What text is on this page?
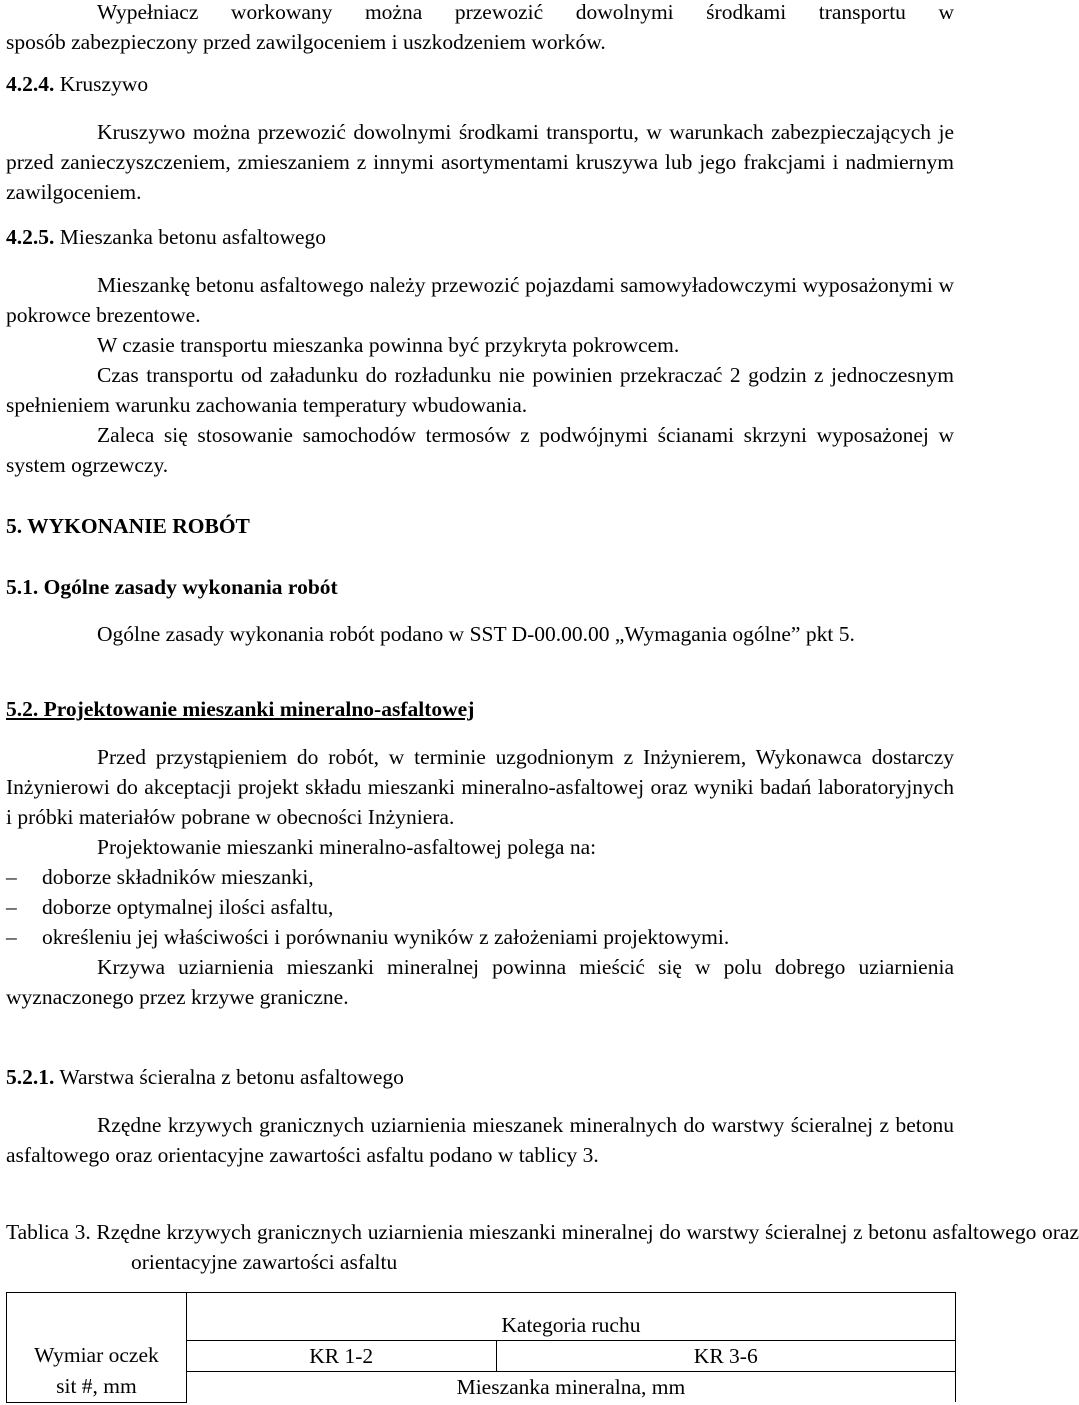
Wypełniacz workowany można przewozić dowolnymi środkami transportu w

sposób zabezpieczony przed zawilgoceniem i uszkodzeniem worków.

4.2.4. Kruszywo

Kruszywo można przewozić dowolnymi środkami transportu, w warunkach zabezpieczających je przed zanieczyszczeniem, zmieszaniem z innymi asortymentami kruszywa lub jego frakcjami i nadmiernym zawilgoceniem.

4.2.5. Mieszanka betonu asfaltowego

Mieszankę betonu asfaltowego należy przewozić pojazdami samowyładowczymi wyposażonymi w pokrowce brezentowe.

W czasie transportu mieszanka powinna być przykryta pokrowcem.

Czas transportu od załadunku do rozładunku nie powinien przekraczać 2 godzin z jednoczesnym spełnieniem warunku zachowania temperatury wbudowania.

Zaleca się stosowanie samochodów termosów z podwójnymi ścianami skrzyni wyposażonej w system ogrzewczy.

5. WYKONANIE ROBÓT
5.1. Ogólne zasady wykonania robót

Ogólne zasady wykonania robót podano w SST D-00.00.00 „Wymagania ogólne” pkt 5.

5.2. Projektowanie mieszanki mineralno-asfaltowej

Przed przystąpieniem do robót, w terminie uzgodnionym z Inżynierem, Wykonawca dostarczy Inżynierowi do akceptacji projekt składu mieszanki mineralno-asfaltowej oraz wyniki badań laboratoryjnych i próbki materiałów pobrane w obecności Inżyniera.

Projektowanie mieszanki mineralno-asfaltowej polega na:

– doborze składników mieszanki,
– doborze optymalnej ilości asfaltu,
– określeniu jej właściwości i porównaniu wyników z założeniami projektowymi.

Krzywa uziarnienia mieszanki mineralnej powinna mieścić się w polu dobrego uziarnienia wyznaczonego przez krzywe graniczne.

5.2.1. Warstwa ścieralna z betonu asfaltowego

Rzędne krzywych granicznych uziarnienia mieszanek mineralnych do warstwy ścieralnej z betonu asfaltowego oraz orientacyjne zawartości asfaltu podano w tablicy 3.

Tablica 3. Rzędne krzywych granicznych uziarnienia mieszanki mineralnej do warstwy ścieralnej z betonu asfaltowego oraz orientacyjne zawartości asfaltu
Wymiar oczek
sit #, mm	Kategoria ruchu	
	KR 1-2	KR 3-6
	Mieszanka mineralna, mm	
